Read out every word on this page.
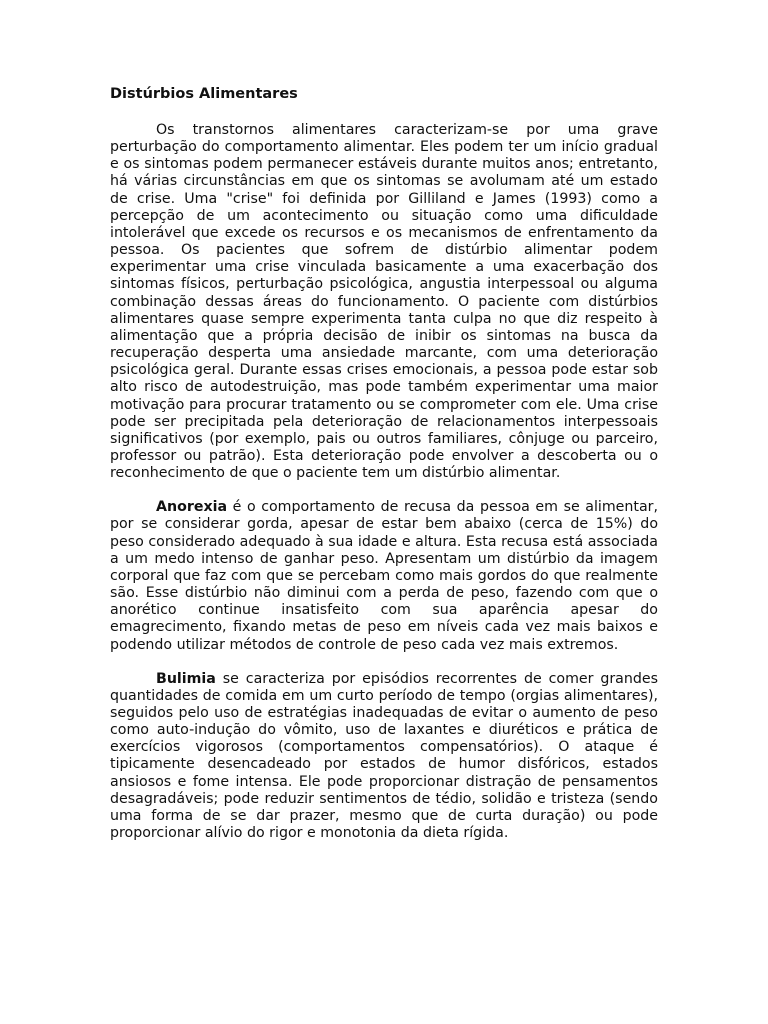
Distúrbios Alimentares

Os transtornos alimentares caracterizam-se por uma grave perturbação do comportamento alimentar. Eles podem ter um início gradual e os sintomas podem permanecer estáveis durante muitos anos; entretanto, há várias circunstâncias em que os sintomas se avolumam até um estado de crise. Uma "crise" foi definida por Gilliland e James (1993) como a percepção de um acontecimento ou situação como uma dificuldade intolerável que excede os recursos e os mecanismos de enfrentamento da pessoa. Os pacientes que sofrem de distúrbio alimentar podem experimentar uma crise vinculada basicamente a uma exacerbação dos sintomas físicos, perturbação psicológica, angustia interpessoal ou alguma combinação dessas áreas do funcionamento. O paciente com distúrbios alimentares quase sempre experimenta tanta culpa no que diz respeito à alimentação que a própria decisão de inibir os sintomas na busca da recuperação desperta uma ansiedade marcante, com uma deterioração psicológica geral. Durante essas crises emocionais, a pessoa pode estar sob alto risco de autodestruição, mas pode também experimentar uma maior motivação para procurar tratamento ou se comprometer com ele. Uma crise pode ser precipitada pela deterioração de relacionamentos interpessoais significativos (por exemplo, pais ou outros familiares, cônjuge ou parceiro, professor ou patrão). Esta deterioração pode envolver a descoberta ou o reconhecimento de que o paciente tem um distúrbio alimentar.

Anorexia é o comportamento de recusa da pessoa em se alimentar, por se considerar gorda, apesar de estar bem abaixo (cerca de 15%) do peso considerado adequado à sua idade e altura. Esta recusa está associada a um medo intenso de ganhar peso. Apresentam um distúrbio da imagem corporal que faz com que se percebam como mais gordos do que realmente são. Esse distúrbio não diminui com a perda de peso, fazendo com que o anorético continue insatisfeito com sua aparência apesar do emagrecimento, fixando metas de peso em níveis cada vez mais baixos e podendo utilizar métodos de controle de peso cada vez mais extremos.

Bulimia se caracteriza por episódios recorrentes de comer grandes quantidades de comida em um curto período de tempo (orgias alimentares), seguidos pelo uso de estratégias inadequadas de evitar o aumento de peso como auto-indução do vômito, uso de laxantes e diuréticos e prática de exercícios vigorosos (comportamentos compensatórios). O ataque é tipicamente desencadeado por estados de humor disfóricos, estados ansiosos e fome intensa. Ele pode proporcionar distração de pensamentos desagradáveis; pode reduzir sentimentos de tédio, solidão e tristeza (sendo uma forma de se dar prazer, mesmo que de curta duração) ou pode proporcionar alívio do rigor e monotonia da dieta rígida.
